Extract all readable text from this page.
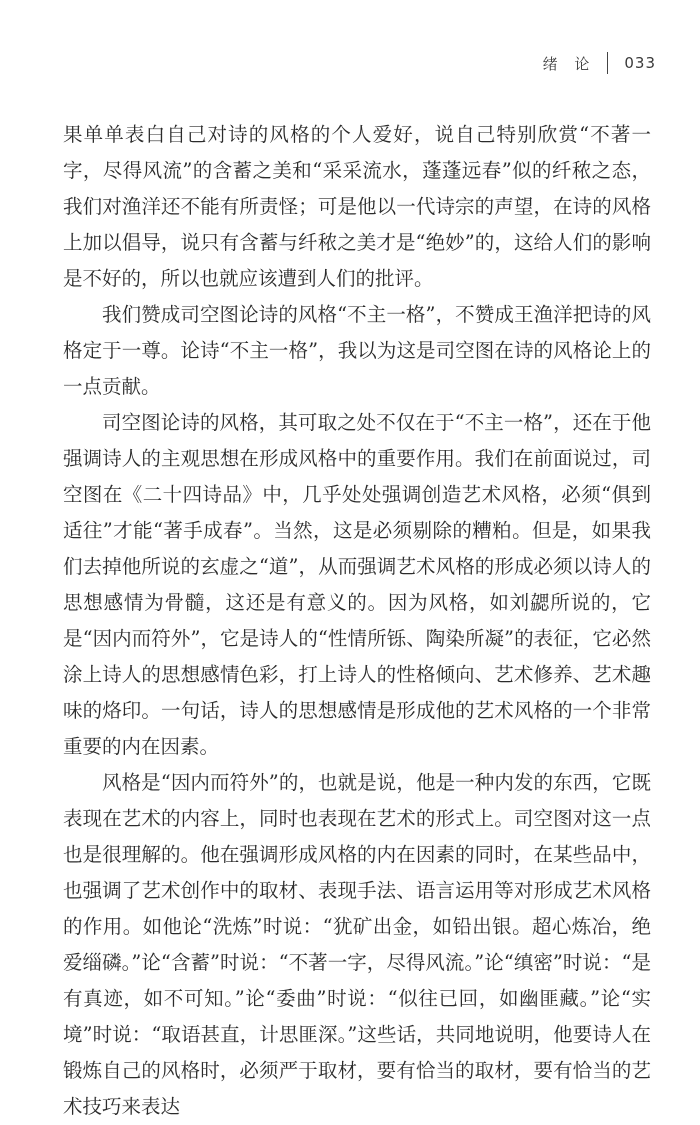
绪 论 033

果单单表白自己对诗的风格的个人爱好，说自己特别欣赏“不著一字，尽得风流”的含蓄之美和“采采流水，蓬蓬远春”似的纤秾之态，我们对渔洋还不能有所责怪；可是他以一代诗宗的声望，在诗的风格上加以倡导，说只有含蓄与纤秾之美才是“绝妙”的，这给人们的影响是不好的，所以也就应该遭到人们的批评。

我们赞成司空图论诗的风格“不主一格”，不赞成王渔洋把诗的风格定于一尊。论诗“不主一格”，我以为这是司空图在诗的风格论上的一点贡献。

司空图论诗的风格，其可取之处不仅在于“不主一格”，还在于他强调诗人的主观思想在形成风格中的重要作用。我们在前面说过，司空图在《二十四诗品》中，几乎处处强调创造艺术风格，必须“俱到适往”才能“著手成春”。当然，这是必须剔除的糟粕。但是，如果我们去掉他所说的玄虚之“道”，从而强调艺术风格的形成必须以诗人的思想感情为骨髓，这还是有意义的。因为风格，如刘勰所说的，它是“因内而符外”，它是诗人的“性情所铄、陶染所凝”的表征，它必然涂上诗人的思想感情色彩，打上诗人的性格倾向、艺术修养、艺术趣味的烙印。一句话，诗人的思想感情是形成他的艺术风格的一个非常重要的内在因素。

风格是“因内而符外”的，也就是说，他是一种内发的东西，它既表现在艺术的内容上，同时也表现在艺术的形式上。司空图对这一点也是很理解的。他在强调形成风格的内在因素的同时，在某些品中，也强调了艺术创作中的取材、表现手法、语言运用等对形成艺术风格的作用。如他论“洗炼”时说：“犹矿出金，如铅出银。超心炼冶，绝爱缁磷。”论“含蓄”时说：“不著一字，尽得风流。”论“缜密”时说：“是有真迹，如不可知。”论“委曲”时说：“似往已回，如幽匪藏。”论“实境”时说：“取语甚直，计思匪深。”这些话，共同地说明，他要诗人在锻炼自己的风格时，必须严于取材，要有恰当的取材，要有恰当的艺术技巧来表达
